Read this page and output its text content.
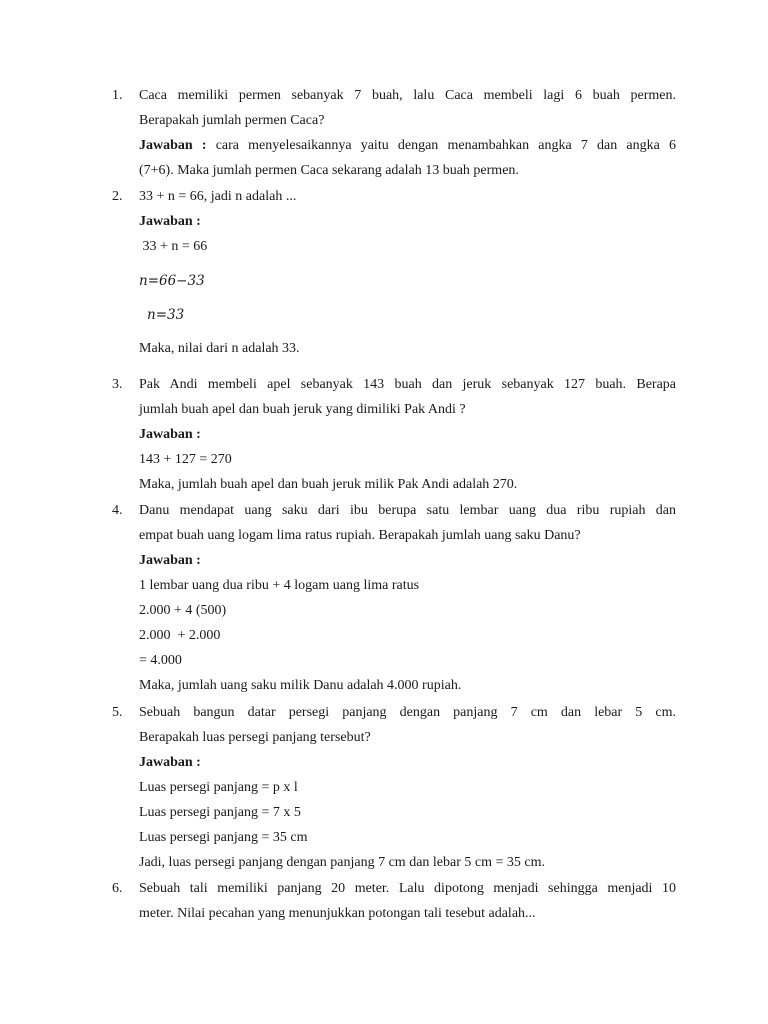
1.	Caca memiliki permen sebanyak 7 buah, lalu Caca membeli lagi 6 buah permen.
Berapakah jumlah permen Caca?
Jawaban : cara menyelesaikannya yaitu dengan menambahkan angka 7 dan angka 6
(7+6). Maka jumlah permen Caca sekarang adalah 13 buah permen.
2.	33 + n = 66, jadi n adalah ...
Jawaban :
33 + n = 66
n=66−33
n=33
Maka, nilai dari n adalah 33.
3.	Pak Andi membeli apel sebanyak 143 buah dan jeruk sebanyak 127 buah. Berapa
jumlah buah apel dan buah jeruk yang dimiliki Pak Andi ?
Jawaban :
143 + 127 = 270
Maka, jumlah buah apel dan buah jeruk milik Pak Andi adalah 270.
4.	Danu mendapat uang saku dari ibu berupa satu lembar uang dua ribu rupiah dan
empat buah uang logam lima ratus rupiah. Berapakah jumlah uang saku Danu?
Jawaban :
1 lembar uang dua ribu + 4 logam uang lima ratus
2.000 + 4 (500)
2.000  + 2.000
= 4.000
Maka, jumlah uang saku milik Danu adalah 4.000 rupiah.
5.	Sebuah bangun datar persegi panjang dengan panjang 7 cm dan lebar 5 cm.
Berapakah luas persegi panjang tersebut?
Jawaban :
Luas persegi panjang = p x l
Luas persegi panjang = 7 x 5
Luas persegi panjang = 35 cm
Jadi, luas persegi panjang dengan panjang 7 cm dan lebar 5 cm = 35 cm.
6.	Sebuah tali memiliki panjang 20 meter. Lalu dipotong menjadi sehingga menjadi 10
meter. Nilai pecahan yang menunjukkan potongan tali tesebut adalah...
